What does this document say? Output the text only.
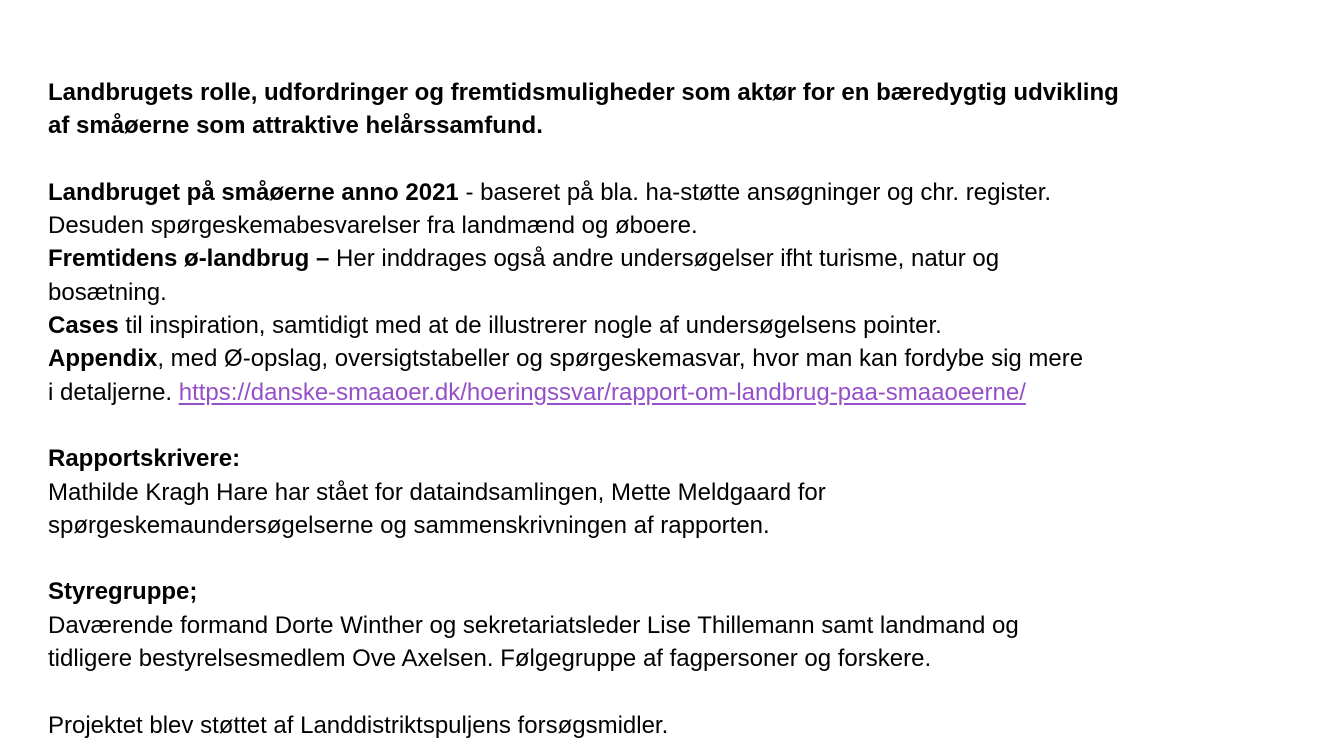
Landbrugets rolle, udfordringer og fremtidsmuligheder som aktør for en bæredygtig udvikling
af småøerne som attraktive helårssamfund.
Landbruget på småøerne anno 2021 - baseret på bla. ha-støtte ansøgninger og chr. register.
Desuden spørgeskemabesvarelser fra landmænd og øboere.
Fremtidens ø-landbrug – Her inddrages også andre undersøgelser ifht turisme, natur og
bosætning.
Cases til inspiration, samtidigt med at de illustrerer nogle af undersøgelsens pointer.
Appendix, med Ø-opslag, oversigtstabeller og spørgeskemasvar, hvor man kan fordybe sig mere
i detaljerne. https://danske-smaaoer.dk/hoeringssvar/rapport-om-landbrug-paa-smaaoeerne/
Rapportskrivere:
Mathilde Kragh Hare har stået for dataindsamlingen, Mette Meldgaard for
spørgeskemaundersøgelserne og sammenskrivningen af rapporten.
Styregruppe;
Daværende formand Dorte Winther og sekretariatsleder Lise Thillemann samt landmand og
tidligere bestyrelsesmedlem Ove Axelsen. Følgegruppe af fagpersoner og forskere.
Projektet blev støttet af Landdistriktspuljens forsøgsmidler.
